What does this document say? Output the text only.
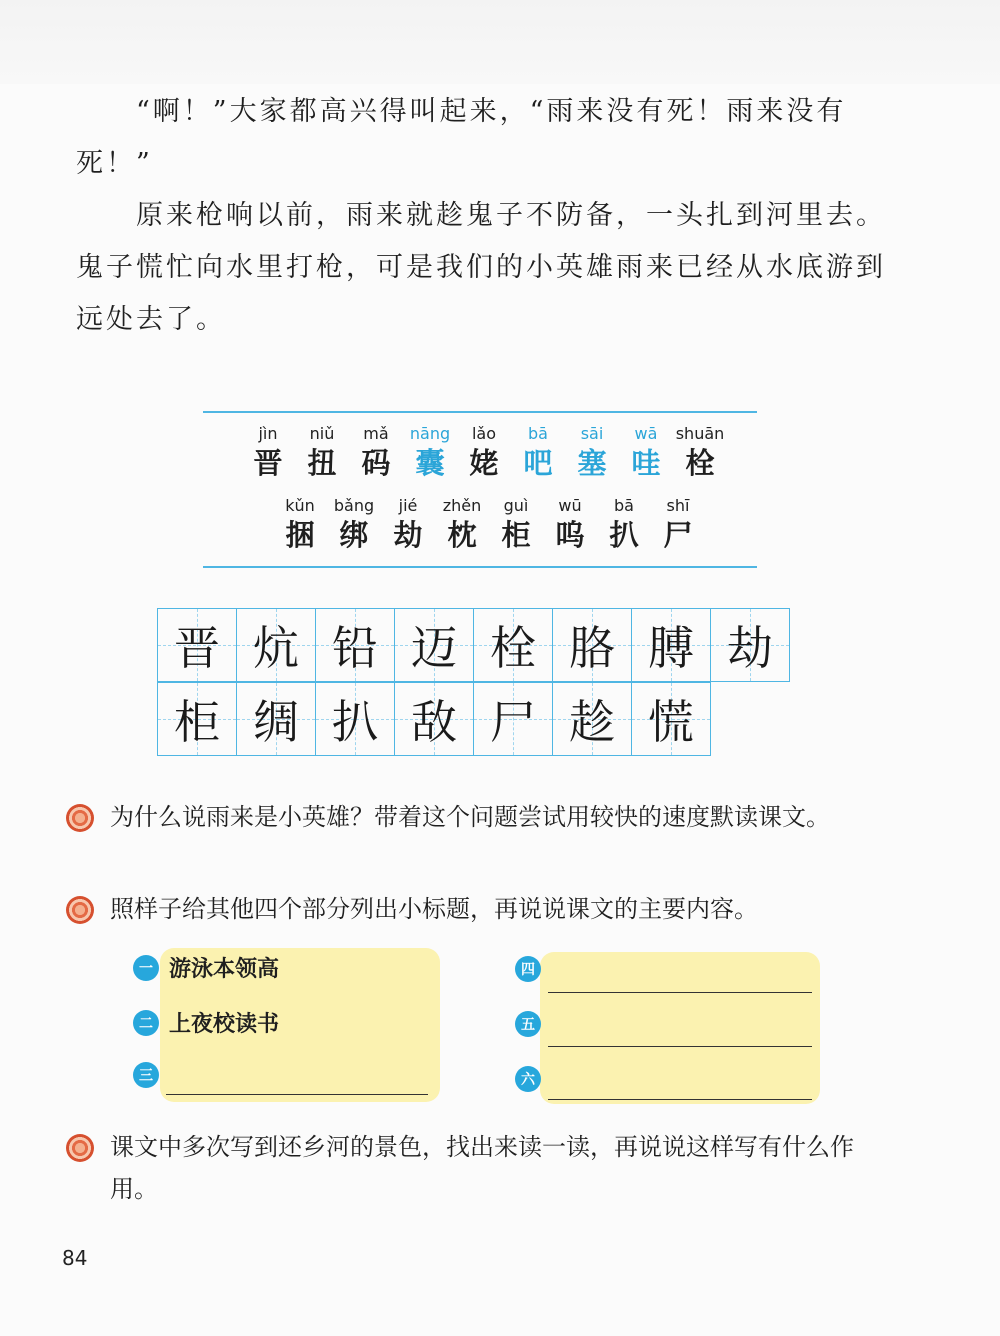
“啊！”大家都高兴得叫起来，“雨来没有死！雨来没有死！”

原来枪响以前，雨来就趁鬼子不防备，一头扎到河里去。鬼子慌忙向水里打枪，可是我们的小英雄雨来已经从水底游到远处去了。

jìn
晋
niǔ
扭
mǎ
码
nāng
囊
lǎo
姥
bā
吧
sāi
塞
wā
哇
shuān
栓
kǔn
捆
bǎng
绑
jié
劫
zhěn
枕
guì
柜
wū
呜
bā
扒
shī
尸
晋 炕 铅 迈 栓 胳 膊 劫
柜 绸 扒 敌 尸 趁 慌
为什么说雨来是小英雄？带着这个问题尝试用较快的速度默读课文。
照样子给其他四个部分列出小标题，再说说课文的主要内容。
一 游泳本领高
二 上夜校读书
三
四
五
六
课文中多次写到还乡河的景色，找出来读一读，再说说这样写有什么作用。
84
